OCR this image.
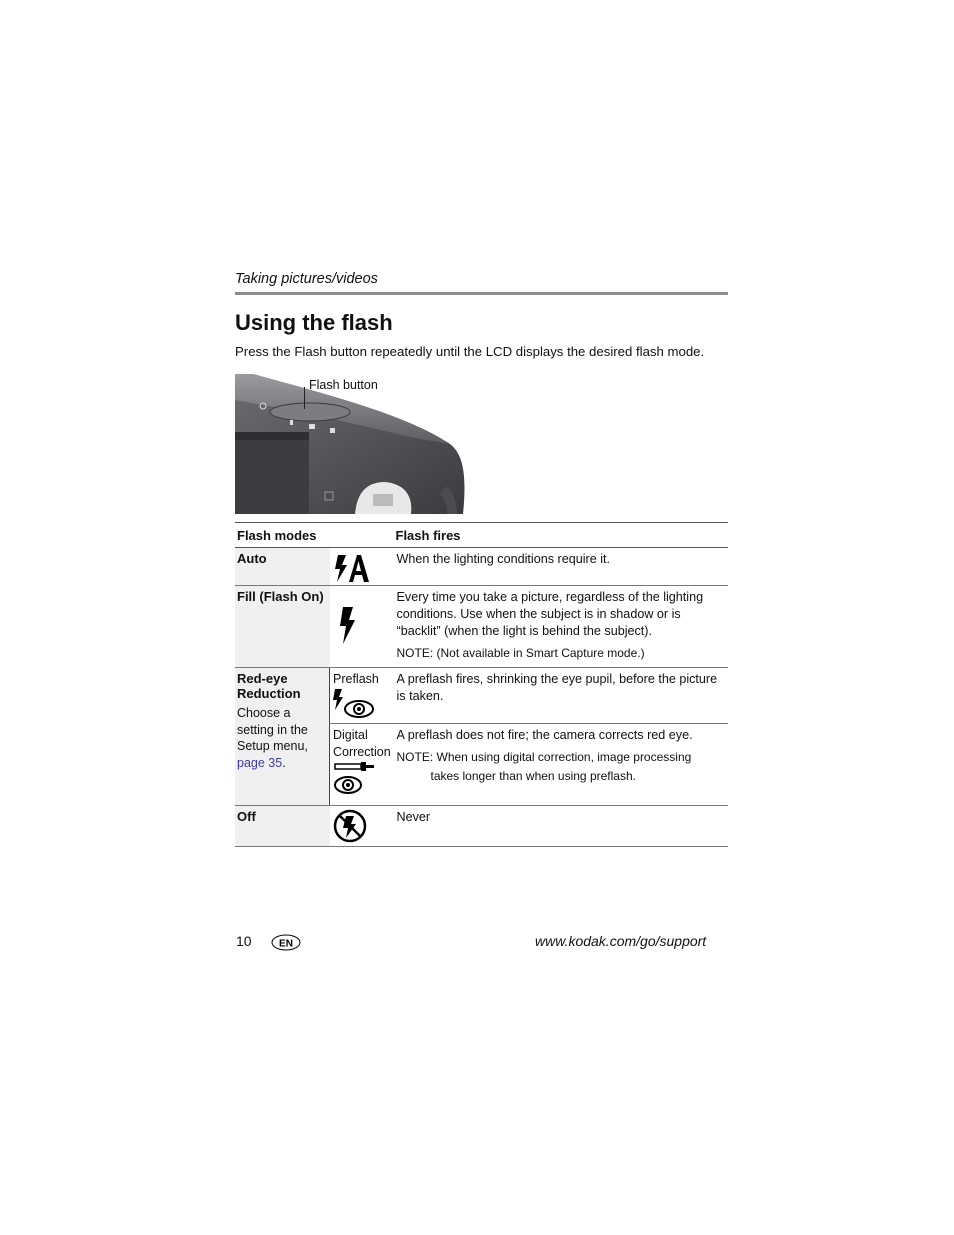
Taking pictures/videos
Using the flash
Press the Flash button repeatedly until the LCD displays the desired flash mode.
Flash button
Flash modes		Flash fires
Auto		When the lighting conditions require it.
Fill (Flash On)		Every time you take a picture, regardless of the lighting conditions. Use when the subject is in shadow or is “backlit” (when the light is behind the subject).
NOTE: (Not available in Smart Capture mode.)

Red-eye Reduction
Choose a setting in the Setup menu, page 35.	Preflash	A preflash fires, shrinking the eye pupil, before the picture is taken.

	Digital Correction	A preflash does not fire; the camera corrects red eye.
NOTE: When using digital correction, image processing takes longer than when using preflash.

Off		Never
10	EN	www.kodak.com/go/support
